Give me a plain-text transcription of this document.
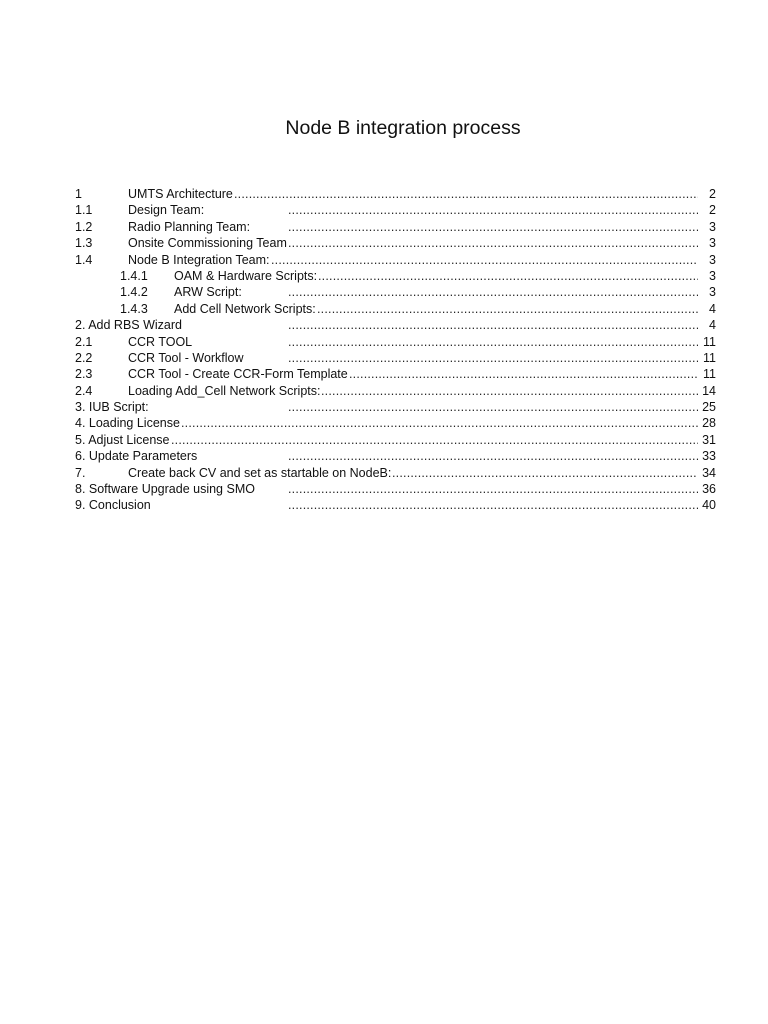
Node B integration process
.....
1	UMTS Architecture	2
.....
1.1	Design Team:	2
.....
1.2	Radio Planning Team:	3
.....
1.3	Onsite Commissioning Team	3
.....
1.4	Node B Integration Team:	3
.....
1.4.1 OAM & Hardware Scripts:	3
.....
1.4.2 ARW Script:	3
.....
1.4.3 Add Cell Network Scripts:	4
.....
2. Add RBS Wizard	4
.....
2.1	CCR TOOL	11
.....
2.2	CCR Tool - Workflow	11
.....
2.3	CCR Tool - Create CCR-Form Template	11
.....
2.4	Loading Add_Cell Network Scripts:	14
.....
3. IUB Script:	25
.....
4. Loading License	28
.....
5. Adjust License	31
.....
6. Update Parameters	33
.....
7.	Create back CV and set as startable on NodeB:	34
.....
8. Software Upgrade using SMO	36
.....
9. Conclusion	40
